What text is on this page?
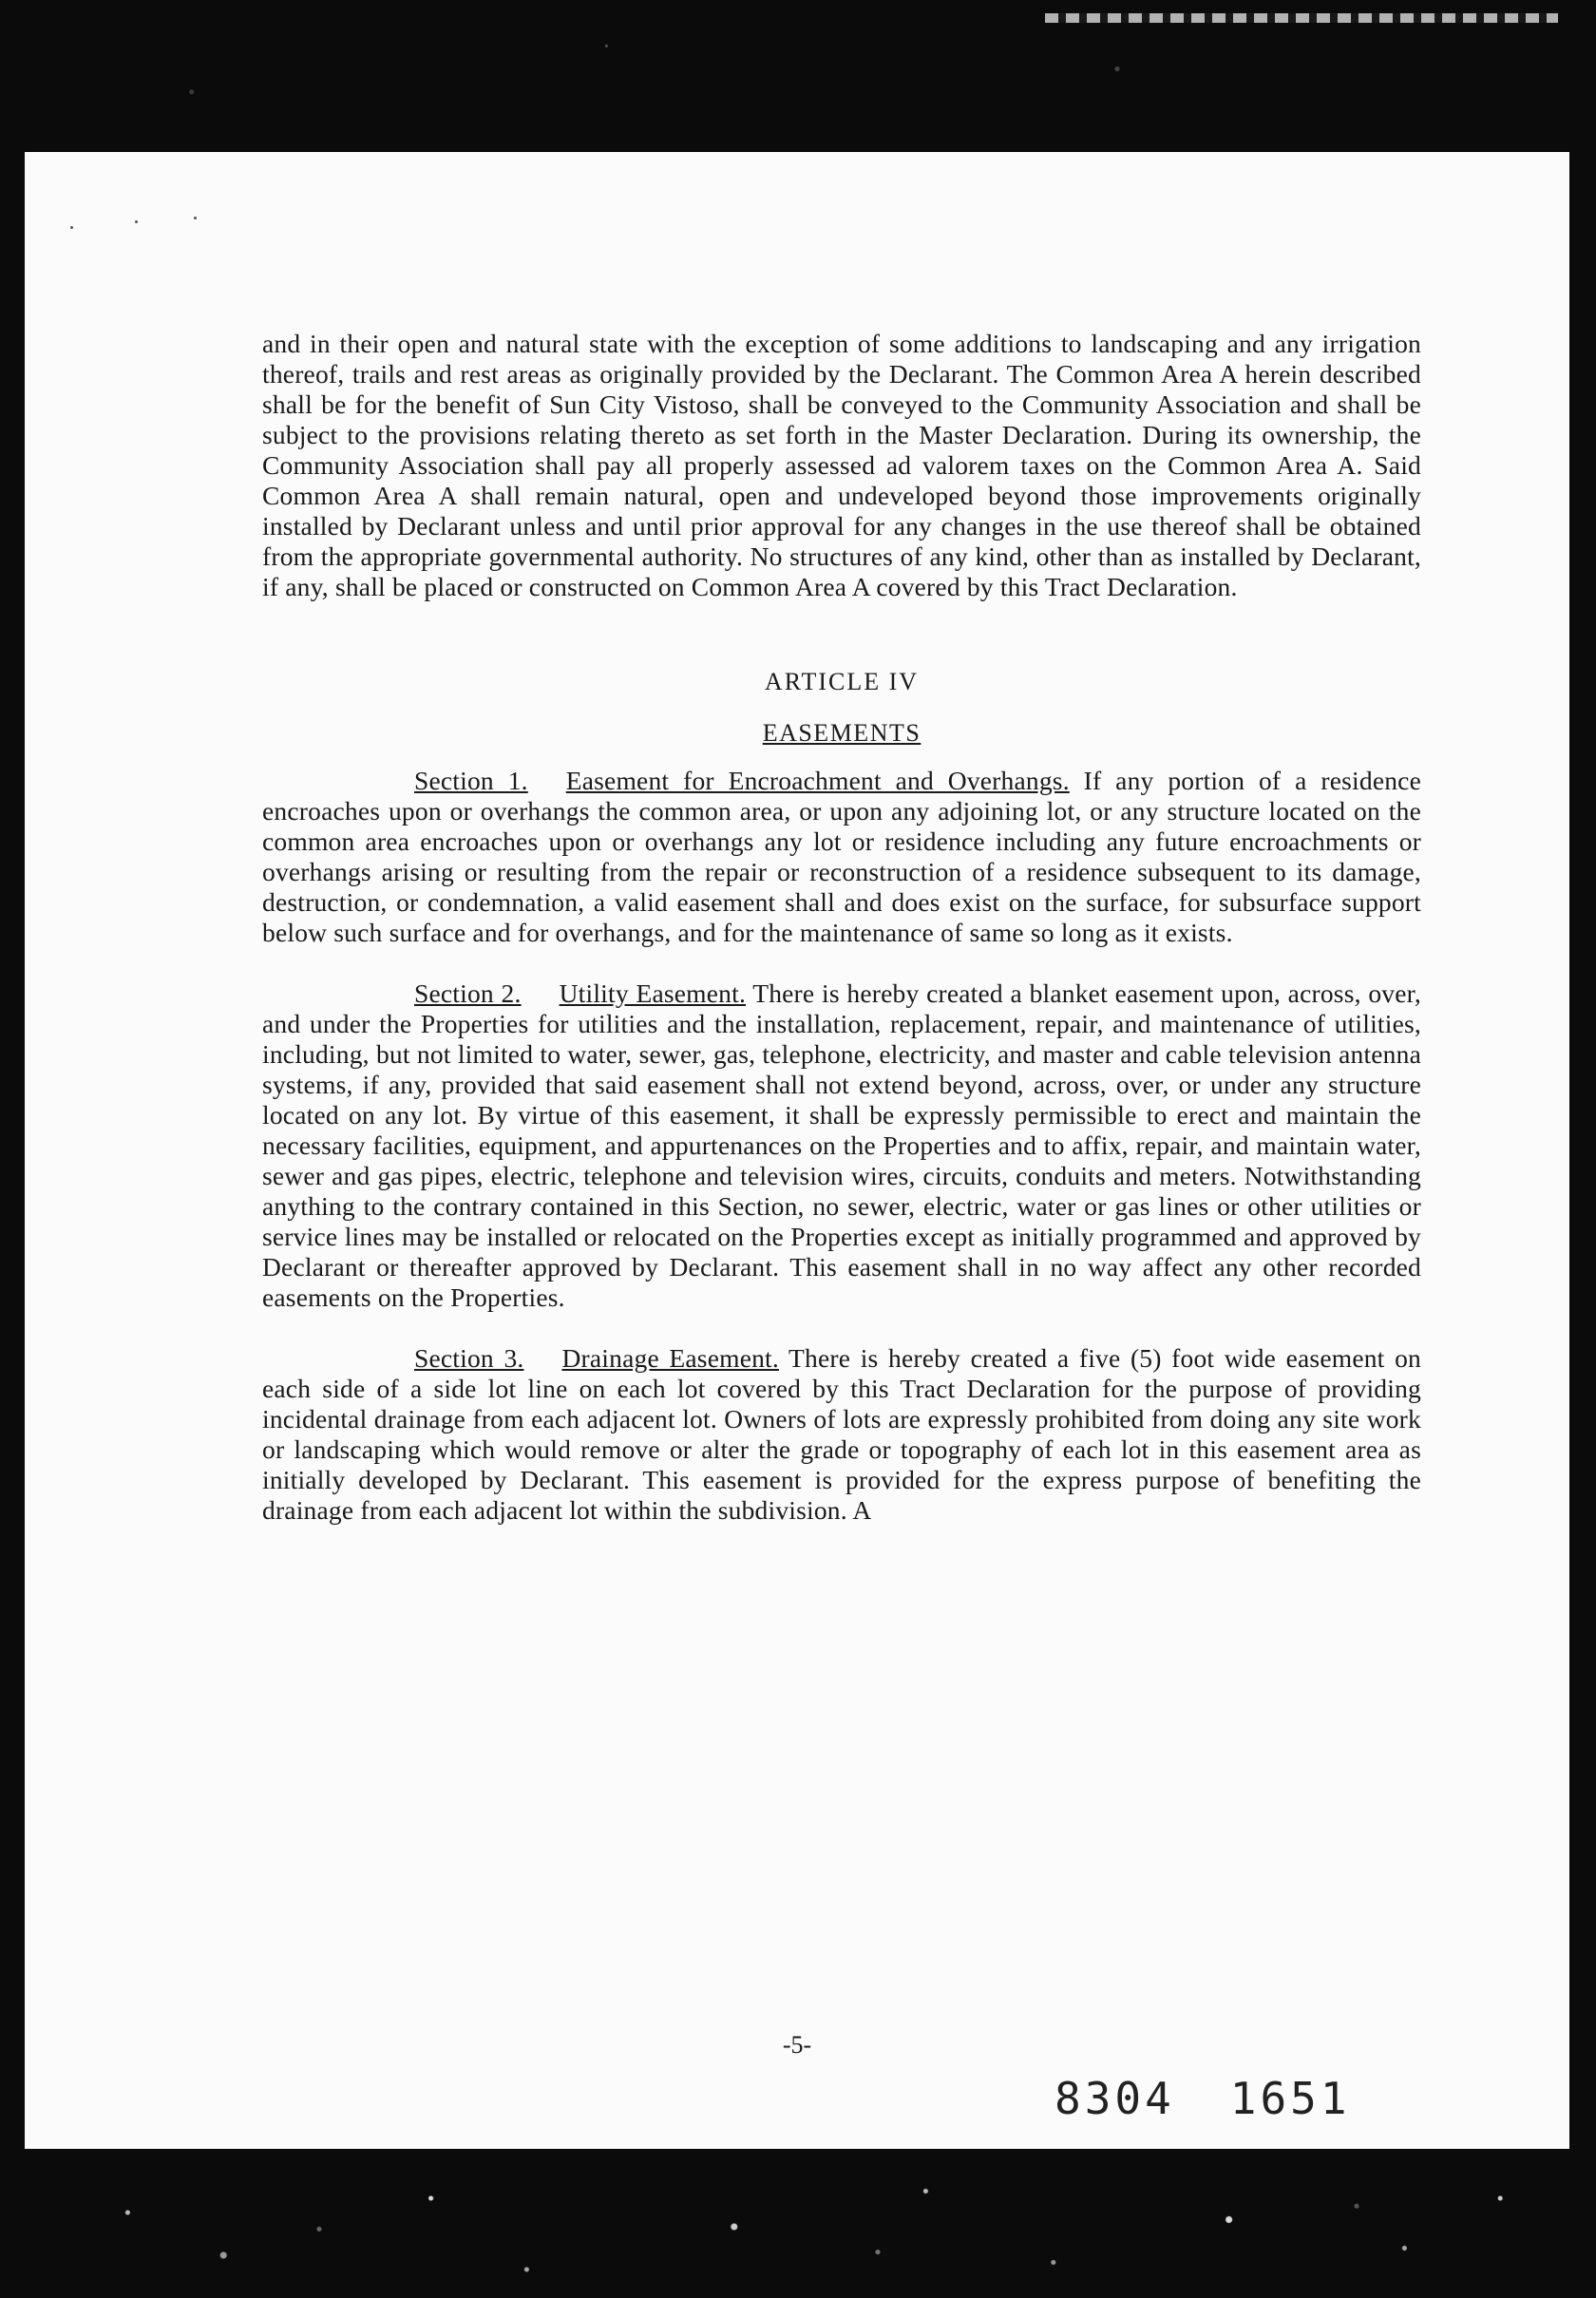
and in their open and natural state with the exception of some additions to landscaping and any irrigation thereof, trails and rest areas as originally provided by the Declarant. The Common Area A herein described shall be for the benefit of Sun City Vistoso, shall be conveyed to the Community Association and shall be subject to the provisions relating thereto as set forth in the Master Declaration. During its ownership, the Community Association shall pay all properly assessed ad valorem taxes on the Common Area A. Said Common Area A shall remain natural, open and undeveloped beyond those improvements originally installed by Declarant unless and until prior approval for any changes in the use thereof shall be obtained from the appropriate governmental authority. No structures of any kind, other than as installed by Declarant, if any, shall be placed or constructed on Common Area A covered by this Tract Declaration.

ARTICLE IV
EASEMENTS

Section 1. Easement for Encroachment and Overhangs. If any portion of a residence encroaches upon or overhangs the common area, or upon any adjoining lot, or any structure located on the common area encroaches upon or overhangs any lot or residence including any future encroachments or overhangs arising or resulting from the repair or reconstruction of a residence subsequent to its damage, destruction, or condemnation, a valid easement shall and does exist on the surface, for subsurface support below such surface and for overhangs, and for the maintenance of same so long as it exists.

Section 2. Utility Easement. There is hereby created a blanket easement upon, across, over, and under the Properties for utilities and the installation, replacement, repair, and maintenance of utilities, including, but not limited to water, sewer, gas, telephone, electricity, and master and cable television antenna systems, if any, provided that said easement shall not extend beyond, across, over, or under any structure located on any lot. By virtue of this easement, it shall be expressly permissible to erect and maintain the necessary facilities, equipment, and appurtenances on the Properties and to affix, repair, and maintain water, sewer and gas pipes, electric, telephone and television wires, circuits, conduits and meters. Notwithstanding anything to the contrary contained in this Section, no sewer, electric, water or gas lines or other utilities or service lines may be installed or relocated on the Properties except as initially programmed and approved by Declarant or thereafter approved by Declarant. This easement shall in no way affect any other recorded easements on the Properties.

Section 3. Drainage Easement. There is hereby created a five (5) foot wide easement on each side of a side lot line on each lot covered by this Tract Declaration for the purpose of providing incidental drainage from each adjacent lot. Owners of lots are expressly prohibited from doing any site work or landscaping which would remove or alter the grade or topography of each lot in this easement area as initially developed by Declarant. This easement is provided for the express purpose of benefiting the drainage from each adjacent lot within the subdivision. A

-5-
8304 1651
